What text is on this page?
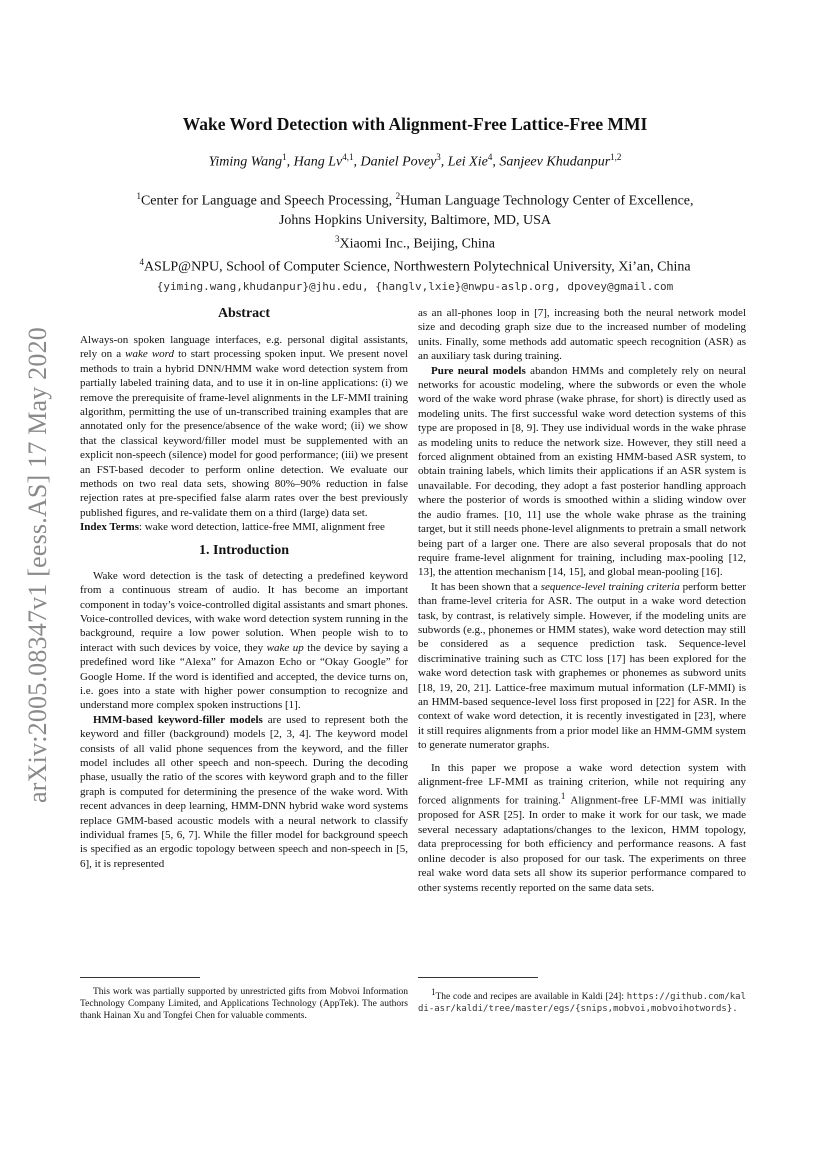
arXiv:2005.08347v1 [eess.AS] 17 May 2020
Wake Word Detection with Alignment-Free Lattice-Free MMI
Yiming Wang$^1$, Hang Lv$^{4,1}$, Daniel Povey$^3$, Lei Xie$^4$, Sanjeev Khudanpur$^{1,2}$
$^1$Center for Language and Speech Processing, $^2$Human Language Technology Center of Excellence,
Johns Hopkins University, Baltimore, MD, USA
$^3$Xiaomi Inc., Beijing, China
$^4$ASLP@NPU, School of Computer Science, Northwestern Polytechnical University, Xi’an, China
{yiming.wang,khudanpur}@jhu.edu, {hanglv,lxie}@nwpu-aslp.org, dpovey@gmail.com
Abstract

Always-on spoken language interfaces, e.g. personal digital assistants, rely on a wake word to start processing spoken input. We present novel methods to train a hybrid DNN/HMM wake word detection system from partially labeled training data, and to use it in on-line applications: (i) we remove the prerequisite of frame-level alignments in the LF-MMI training algorithm, permitting the use of un-transcribed training examples that are annotated only for the presence/absence of the wake word; (ii) we show that the classical keyword/filler model must be supplemented with an explicit non-speech (silence) model for good performance; (iii) we present an FST-based decoder to perform online detection. We evaluate our methods on two real data sets, showing 80%–90% reduction in false rejection rates at pre-specified false alarm rates over the best previously published figures, and re-validate them on a third (large) data set.

Index Terms: wake word detection, lattice-free MMI, alignment free

1. Introduction

Wake word detection is the task of detecting a predefined keyword from a continuous stream of audio. It has become an important component in today’s voice-controlled digital assistants and smart phones. Voice-controlled devices, with wake word detection system running in the background, require a low power solution. When people wish to to interact with such devices by voice, they wake up the device by saying a predefined word like “Alexa” for Amazon Echo or “Okay Google” for Google Home. If the word is identified and accepted, the device turns on, i.e. goes into a state with higher power consumption to recognize and understand more complex spoken instructions [1].

HMM-based keyword-filler models are used to represent both the keyword and filler (background) models [2, 3, 4]. The keyword model consists of all valid phone sequences from the keyword, and the filler model includes all other speech and non-speech. During the decoding phase, usually the ratio of the scores with keyword graph and to the filler graph is computed for determining the presence of the wake word. With recent advances in deep learning, HMM-DNN hybrid wake word systems replace GMM-based acoustic models with a neural network to classify individual frames [5, 6, 7]. While the filler model for background speech is specified as an ergodic topology between speech and non-speech in [5, 6], it is represented

as an all-phones loop in [7], increasing both the neural network model size and decoding graph size due to the increased number of modeling units. Finally, some methods add automatic speech recognition (ASR) as an auxiliary task during training.

Pure neural models abandon HMMs and completely rely on neural networks for acoustic modeling, where the subwords or even the whole word of the wake word phrase (wake phrase, for short) is directly used as modeling units. The first successful wake word detection systems of this type are proposed in [8, 9]. They use individual words in the wake phrase as modeling units to reduce the network size. However, they still need a forced alignment obtained from an existing HMM-based ASR system, to obtain training labels, which limits their applications if an ASR system is unavailable. For decoding, they adopt a fast posterior handling approach where the posterior of words is smoothed within a sliding window over the audio frames. [10, 11] use the whole wake phrase as the training target, but it still needs phone-level alignments to pretrain a small network being part of a larger one. There are also several proposals that do not require frame-level alignment for training, including max-pooling [12, 13], the attention mechanism [14, 15], and global mean-pooling [16].

It has been shown that a sequence-level training criteria perform better than frame-level criteria for ASR. The output in a wake word detection task, by contrast, is relatively simple. However, if the modeling units are subwords (e.g., phonemes or HMM states), wake word detection may still be considered as a sequence prediction task. Sequence-level discriminative training such as CTC loss [17] has been explored for the wake word detection task with graphemes or phonemes as subword units [18, 19, 20, 21]. Lattice-free maximum mutual information (LF-MMI) is an HMM-based sequence-level loss first proposed in [22] for ASR. In the context of wake word detection, it is recently investigated in [23], where it still requires alignments from a prior model like an HMM-GMM system to generate numerator graphs.

In this paper we propose a wake word detection system with alignment-free LF-MMI as training criterion, while not requiring any forced alignments for training.$^1$ Alignment-free LF-MMI was initially proposed for ASR [25]. In order to make it work for our task, we made several necessary adaptations/changes to the lexicon, HMM topology, data preprocessing for both efficiency and performance reasons. A fast online decoder is also proposed for our task. The experiments on three real wake word data sets all show its superior performance compared to other systems recently reported on the same data sets.

This work was partially supported by unrestricted gifts from Mobvoi Information Technology Company Limited, and Applications Technology (AppTek). The authors thank Hainan Xu and Tongfei Chen for valuable comments.
$^1$The code and recipes are available in Kaldi [24]: https://github.com/kaldi-asr/kaldi/tree/master/egs/{snips,mobvoi,mobvoihotwords}.
